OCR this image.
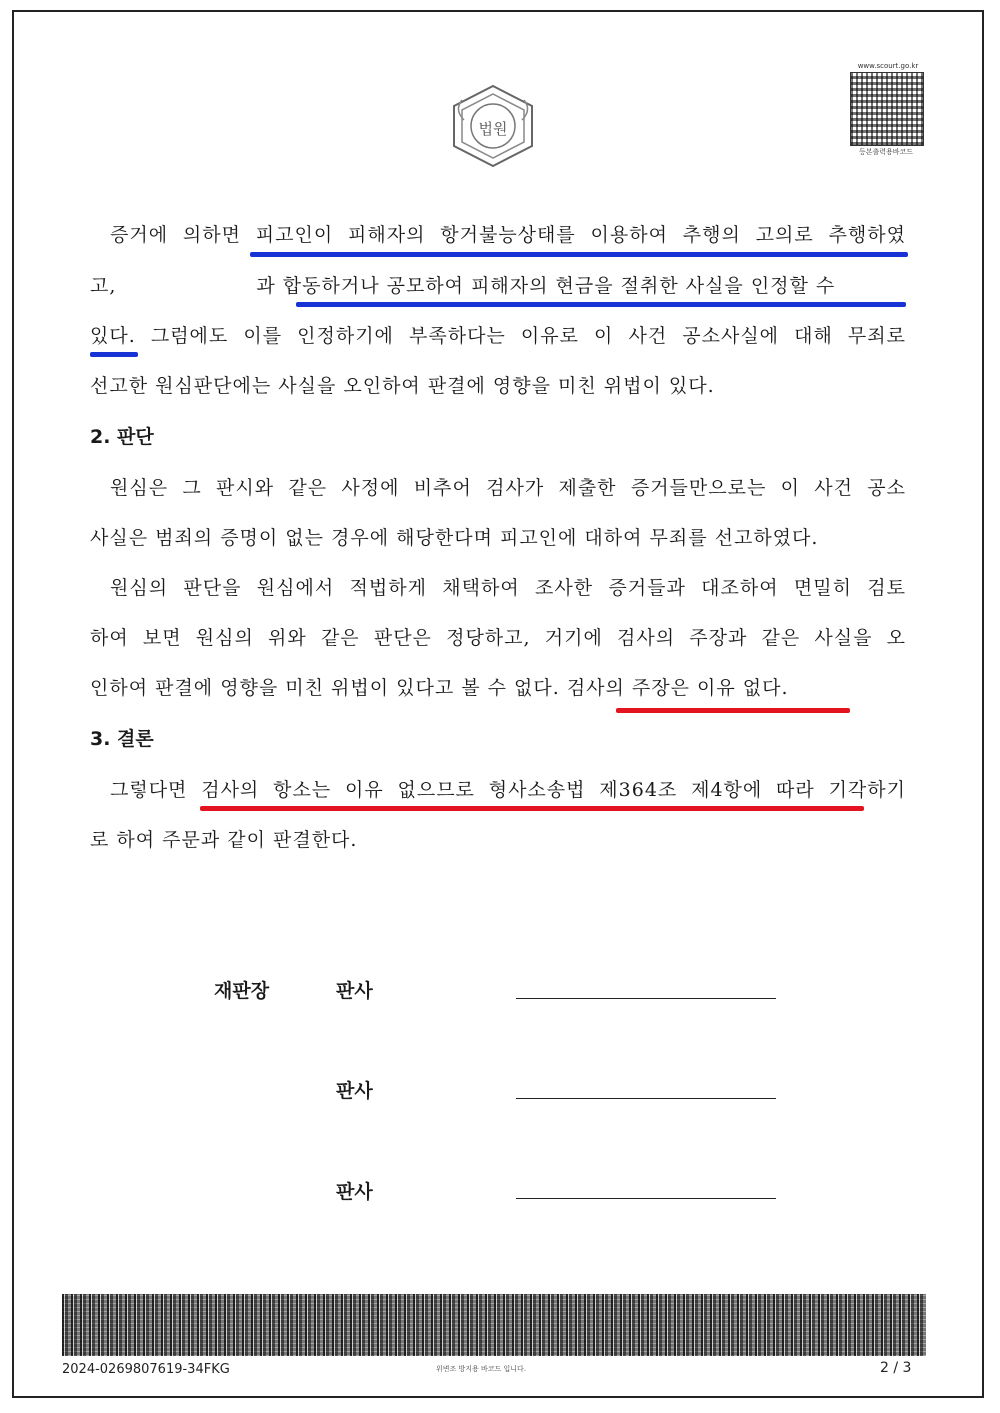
법원
www.scourt.go.kr
등본출력용바코드
증거에 의하면 피고인이 피해자의 항거불능상태를 이용하여 추행의 고의로 추행하였
고,	과 합동하거나 공모하여 피해자의 현금을 절취한 사실을 인정할 수
있다. 그럼에도 이를 인정하기에 부족하다는 이유로 이 사건 공소사실에 대해 무죄로
선고한 원심판단에는 사실을 오인하여 판결에 영향을 미친 위법이 있다.
2. 판단
원심은 그 판시와 같은 사정에 비추어 검사가 제출한 증거들만으로는 이 사건 공소
사실은 범죄의 증명이 없는 경우에 해당한다며 피고인에 대하여 무죄를 선고하였다.
원심의 판단을 원심에서 적법하게 채택하여 조사한 증거들과 대조하여 면밀히 검토
하여 보면 원심의 위와 같은 판단은 정당하고, 거기에 검사의 주장과 같은 사실을 오
인하여 판결에 영향을 미친 위법이 있다고 볼 수 없다. 검사의 주장은 이유 없다.
3. 결론
그렇다면 검사의 항소는 이유 없으므로 형사소송법 제364조 제4항에 따라 기각하기
로 하여 주문과 같이 판결한다.
재판장	판사
판사
판사
2024-0269807619-34FKG	위변조 방지용 바코드 입니다.	2 / 3
